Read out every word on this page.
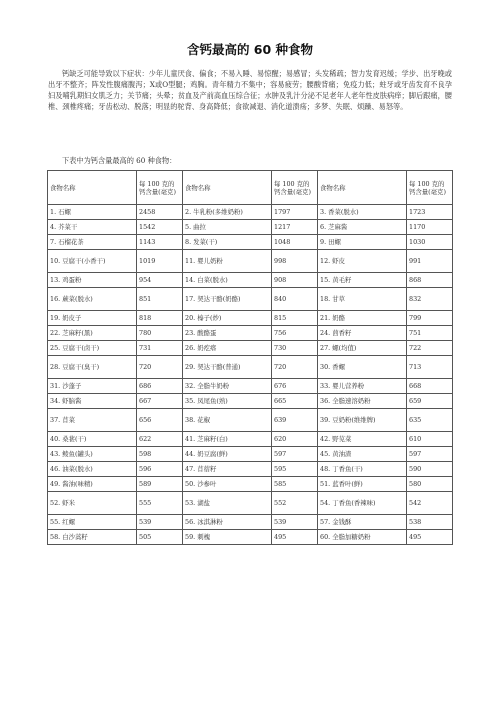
含钙最高的 60 种食物
钙缺乏可能导致以下症状：少年儿童厌食、偏食；不易入睡、易惊醒；易感冒；头发稀疏；智力发育迟缓；学步、出牙晚或出牙不整齐；阵发性腹痛腹泻；X或O型腿；鸡胸。青年精力不集中；容易疲劳；腰酸背痛；免疫力低；蛀牙或牙齿发育不良孕妇及哺乳期妇女肌乏力；关节痛；头晕；贫血及产前高血压综合征；水肿及乳汁分泌不足老年人老年性皮肤病痒；脚后跟痛，腰椎、颈椎疼痛；牙齿松动、脱落；明显的驼背、身高降低；食欲减退、消化道溃疡；多梦、失眠、烦躁、易怒等。
下表中为钙含量最高的 60 种食物：
食物名称	每 100 克的钙含量(毫克)	食物名称	每 100 克的钙含量(毫克)	食物名称	每 100 克的钙含量(毫克)
1. 石螺	2458	2. 牛乳粉(多维奶粉)	1797	3. 香菜(脱水)	1723
4. 芥菜干	1542	5. 曲拉	1217	6. 芝麻酱	1170
7. 石榴花茶	1143	8. 发菜(干)	1048	9. 田螺	1030
10. 豆腐干(小香干)	1019	11. 婴儿奶粉	998	12. 虾皮	991
13. 鸡蛋粉	954	14. 白菜(脱水)	908	15. 黄毛籽	868
16. 蕨菜(脱水)	851	17. 契达干酪(奶酪)	840	18. 甘草	832
19. 奶皮子	818	20. 榛子(炒)	815	21. 奶酪	799
22. 芝麻籽(黑)	780	23. 酸酪蛋	756	24. 茴香籽	751
25. 豆腐干(卤干)	731	26. 奶疙瘩	730	27. 螺(均值)	722
28. 豆腐干(臭干)	720	29. 契达干酪(普通)	720	30. 香螺	713
31. 沙蓬子	686	32. 全脂牛奶粉	676	33. 婴儿营养粉	668
34. 虾脑酱	667	35. 凤尾鱼(熟)	665	36. 全脂速溶奶粉	659
37. 苜菜	656	38. 花椒	639	39. 豆奶粉(维维牌)	635
40. 桑葚(干)	622	41. 芝麻籽(白)	620	42. 野苋菜	610
43. 鲮鱼(罐头)	598	44. 奶豆腐(鲜)	597	45. 黄油渣	597
46. 油菜(脱水)	596	47. 苜蓿籽	595	48. 丁香鱼(干)	590
49. 酱油(味精)	589	50. 沙参叶	585	51. 蓝香叶(鲜)	580
52. 虾米	555	53. 湖盐	552	54. 丁香鱼(香辣味)	542
55. 红螺	539	56. 冰淇淋粉	539	57. 金钱酥	538
58. 白沙蒿籽	505	59. 刺槐	495	60. 全脂加糖奶粉	495
